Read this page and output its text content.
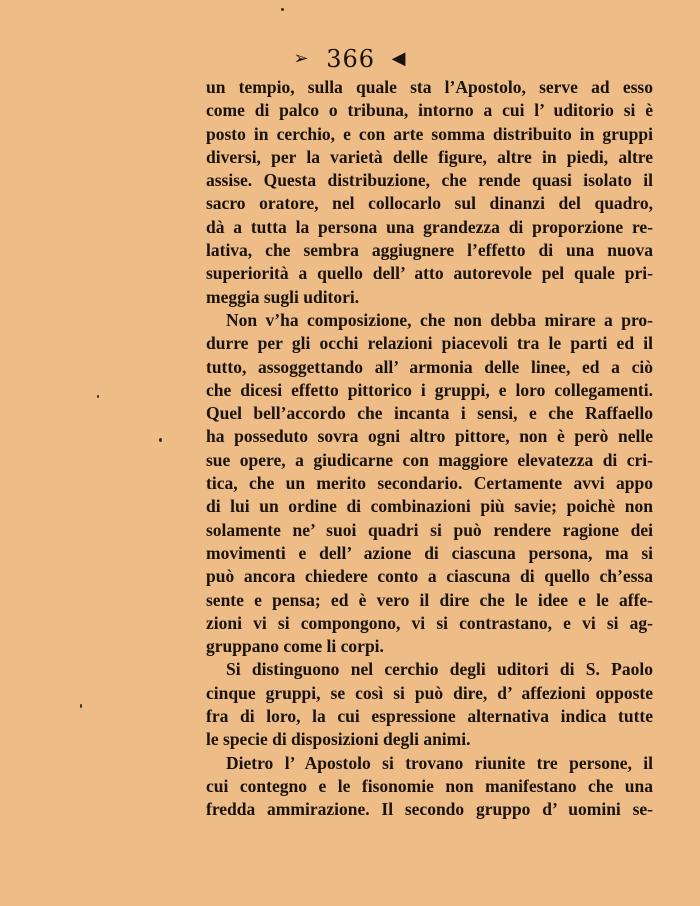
➢ 366 ◀
un tempio, sulla quale sta l’Apostolo, serve ad esso
come di palco o tribuna, intorno a cui l’ uditorio si è
posto in cerchio, e con arte somma distribuito in gruppi
diversi, per la varietà delle figure, altre in piedi, altre
assise. Questa distribuzione, che rende quasi isolato il
sacro oratore, nel collocarlo sul dinanzi del quadro,
dà a tutta la persona una grandezza di proporzione re-
lativa, che sembra aggiugnere l’effetto di una nuova
superiorità a quello dell’ atto autorevole pel quale pri-
meggia sugli uditori.
Non v’ha composizione, che non debba mirare a pro-
durre per gli occhi relazioni piacevoli tra le parti ed il
tutto, assoggettando all’ armonia delle linee, ed a ciò
che dicesi effetto pittorico i gruppi, e loro collegamenti.
Quel bell’accordo che incanta i sensi, e che Raffaello
ha posseduto sovra ogni altro pittore, non è però nelle
sue opere, a giudicarne con maggiore elevatezza di cri-
tica, che un merito secondario. Certamente avvi appo
di lui un ordine di combinazioni più savie; poichè non
solamente ne’ suoi quadri si può rendere ragione dei
movimenti e dell’ azione di ciascuna persona, ma si
può ancora chiedere conto a ciascuna di quello ch’essa
sente e pensa; ed è vero il dire che le idee e le affe-
zioni vi si compongono, vi si contrastano, e vi si ag-
gruppano come li corpi.
Si distinguono nel cerchio degli uditori di S. Paolo
cinque gruppi, se così si può dire, d’ affezioni opposte
fra di loro, la cui espressione alternativa indica tutte
le specie di disposizioni degli animi.
Dietro l’ Apostolo si trovano riunite tre persone, il
cui contegno e le fisonomie non manifestano che una
fredda ammirazione. Il secondo gruppo d’ uomini se-
